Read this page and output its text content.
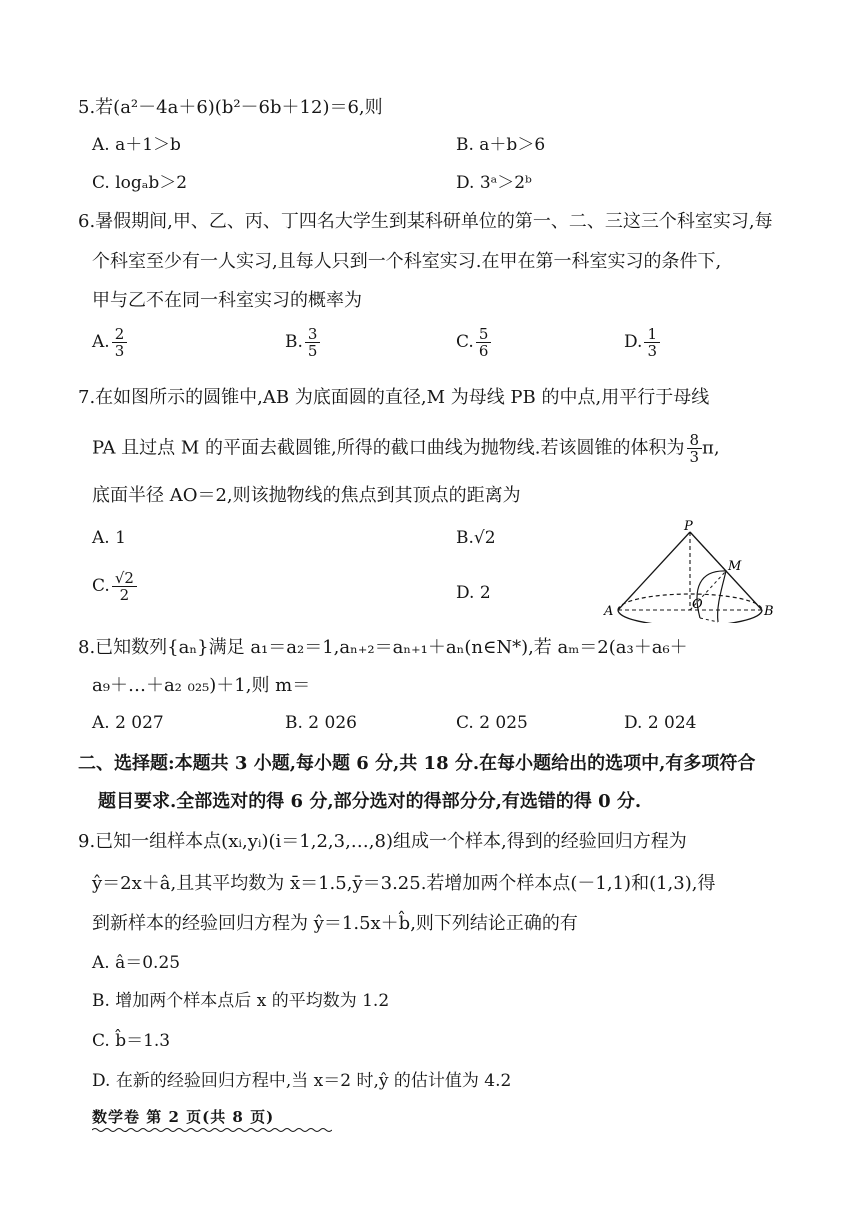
5.若(a²－4a＋6)(b²－6b＋12)＝6,则
A. a＋1＞b	B. a＋b＞6
C. logₐb＞2	D. 3ᵃ＞2ᵇ
6.暑假期间,甲、乙、丙、丁四名大学生到某科研单位的第一、二、三这三个科室实习,每
个科室至少有一人实习,且每人只到一个科室实习.在甲在第一科室实习的条件下,
甲与乙不在同一科室实习的概率为
A. $\frac{2}{3}$	B. $\frac{3}{5}$	C. $\frac{5}{6}$	D. $\frac{1}{3}$
7.在如图所示的圆锥中,AB 为底面圆的直径,M 为母线 PB 的中点,用平行于母线
PA 且过点 M 的平面去截圆锥,所得的截口曲线为抛物线.若该圆锥的体积为 $\frac{8}{3} \pi$,
底面半径 AO＝2,则该抛物线的焦点到其顶点的距离为
A. 1	B.√2
C. $\frac{√2}{2}$	D. 2
P
M
A	O	B
8.已知数列{aₙ}满足 a₁＝a₂＝1,aₙ₊₂＝aₙ₊₁＋aₙ(n∈N*),若 aₘ＝2(a₃＋a₆＋
a₉＋…＋a₂ ₀₂₅)＋1,则 m＝
A. 2 027	B. 2 026	C. 2 025	D. 2 024
二、选择题:本题共 3 小题,每小题 6 分,共 18 分.在每小题给出的选项中,有多项符合
题目要求.全部选对的得 6 分,部分选对的得部分分,有选错的得 0 分.
9.已知一组样本点(xᵢ,yᵢ)(i＝1,2,3,…,8)组成一个样本,得到的经验回归方程为
ŷ＝2x＋â,且其平均数为 x̄＝1.5,ȳ＝3.25.若增加两个样本点(－1,1)和(1,3),得
到新样本的经验回归方程为 ŷ＝1.5x＋b̂,则下列结论正确的有
A. â＝0.25
B. 增加两个样本点后 x 的平均数为 1.2
C. b̂＝1.3
D. 在新的经验回归方程中,当 x＝2 时,ŷ 的估计值为 4.2
数学卷 第 2 页(共 8 页)
